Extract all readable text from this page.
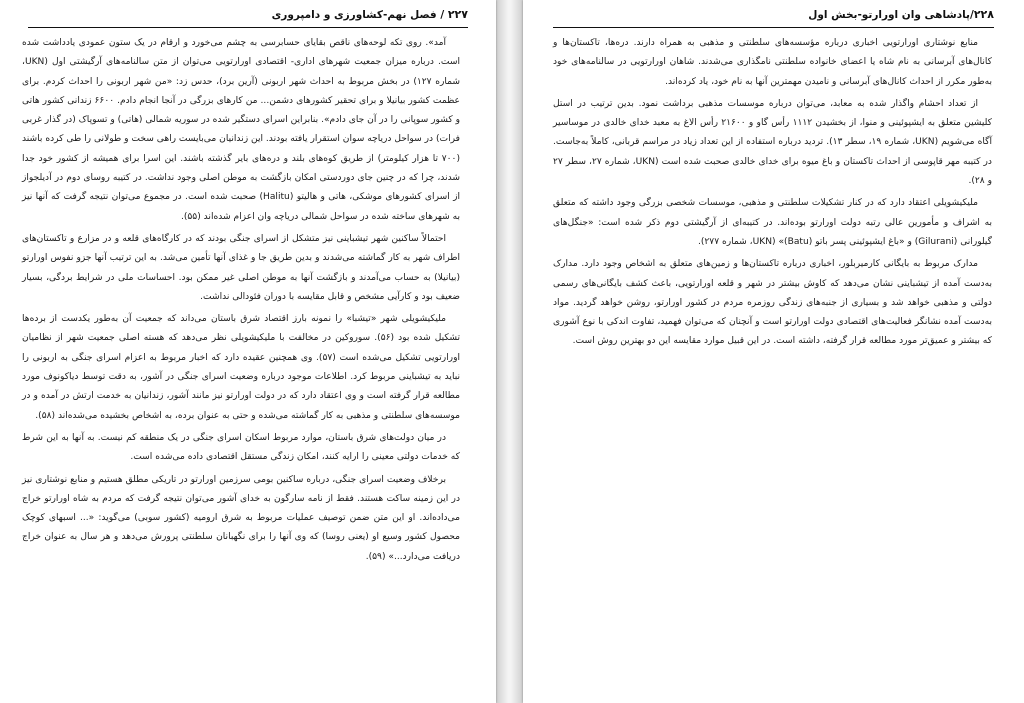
۲۲۷ / فصل نهم-کشاورزی و دامپروری

آمد». روی تکه لوحه‌های ناقص بقایای حسابرسی به چشم می‌خورد و ارقام در یک ستون عمودی یادداشت شده است. درباره میزان جمعیت شهرهای اداری- اقتصادی اورارتویی می‌توان از متن سالنامه‌های آرگیشتی اول (UKN، شماره ۱۲۷) در بخش مربوط به احداث شهر اربونی (آرین برد)، حدس زد: «من شهر اربونی را احداث کردم. برای عظمت کشور بیانیلا و برای تحقیر کشورهای دشمن... من کارهای بزرگی در آنجا انجام دادم. ۶۶۰۰ زندانی کشور هاتی و کشور سوپانی را در آن جای دادم». بنابراین اسرای دستگیر شده در سوریه شمالی (هاتی) و تسوپاک (در گذار غربی فرات) در سواحل دریاچه سوان استقرار یافته بودند. این زندانیان می‌بایست راهی سخت و طولانی را طی کرده باشند (۷۰۰ تا هزار کیلومتر) از طریق کوه‌های بلند و دره‌های بایر گذشته باشند. این اسرا برای همیشه از کشور خود جدا شدند، چرا که در چنین جای دوردستی امکان بازگشت به موطن اصلی وجود نداشت. در کتیبه روسای دوم در آدیلجواز از اسرای کشورهای موشکی، هاتی و هالیتو (Halitu) صحبت شده است. در مجموع می‌توان نتیجه گرفت که آنها نیز به شهرهای ساخته شده در سواحل شمالی دریاچه وان اعزام شده‌اند (۵۵).

احتمالاً ساکنین شهر تیشباینی نیز متشکل از اسرای جنگی بودند که در کارگاه‌های قلعه و در مزارع و تاکستان‌های اطراف شهر به کار گماشته می‌شدند و بدین طریق جا و غذای آنها تأمین می‌شد. به این ترتیب آنها جزو نفوس اورارتو (بیانیلا) به حساب می‌آمدند و بازگشت آنها به موطن اصلی غیر ممکن بود. احساسات ملی در شرایط بردگی، بسیار ضعیف بود و کارآیی مشخص و قابل مقایسه با دوران فئودالی نداشت.

ملیکیشویلی شهر «تیشبا» را نمونه بارز اقتصاد شرق باستان می‌داند که جمعیت آن به‌طور یکدست از برده‌ها تشکیل شده بود (۵۶). سوروکین در مخالفت با ملیکیشویلی نظر می‌دهد که هسته اصلی جمعیت شهر از نظامیان اورارتویی تشکیل می‌شده است (۵۷). وی همچنین عقیده دارد که اخبار مربوط به اعزام اسرای جنگی به اربونی را نباید به تیشباینی مربوط کرد. اطلاعات موجود درباره وضعیت اسرای جنگی در آشور، به دقت توسط دیاکونوف مورد مطالعه قرار گرفته است و وی اعتقاد دارد که در دولت اورارتو نیز مانند آشور، زندانیان به خدمت ارتش در آمده و در موسسه‌های سلطنتی و مذهبی به کار گماشته می‌شده و حتی به عنوان برده، به اشخاص بخشیده می‌شده‌اند (۵۸).

در میان دولت‌های شرق باستان، موارد مربوط اسکان اسرای جنگی در یک منطقه کم نیست. به آنها به این شرط که خدمات دولتی معینی را ارایه کنند، امکان زندگی مستقل اقتصادی داده می‌شده است.

برخلاف وضعیت اسرای جنگی، درباره ساکنین بومی سرزمین اورارتو در تاریکی مطلق هستیم و منابع نوشتاری نیز در این زمینه ساکت هستند. فقط از نامه سارگون به خدای آشور می‌توان نتیجه گرفت که مردم به شاه اورارتو خراج می‌داده‌اند. او این متن ضمن توصیف عملیات مربوط به شرق ارومیه (کشور سوبی) می‌گوید: «... اسبهای کوچک محصول کشور وسیع او (یعنی روسا) که وی آنها را برای نگهبانان سلطنتی پرورش می‌دهد و هر سال به عنوان خراج دریافت می‌دارد...» (۵۹).

۲۲۸/پادشاهی وان اورارتو-بخش اول

منابع نوشتاری اورارتویی اخباری درباره مؤسسه‌های سلطنتی و مذهبی به همراه دارند. دره‌ها، تاکستان‌ها و کانال‌های آبرسانی به نام شاه یا اعضای خانواده سلطنتی نامگذاری می‌شدند. شاهان اورارتویی در سالنامه‌های خود به‌طور مکرر از احداث کانال‌های آبرسانی و نامیدن مهمترین آنها به نام خود، یاد کرده‌اند.

از تعداد احشام واگذار شده به معابد، می‌توان درباره موسسات مذهبی برداشت نمود. بدین ترتیب در استل کلیشین متعلق به ایشپوئینی و منوا، از بخشیدن ۱۱۱۲ رأس گاو و ۲۱۶۰۰ رأس الاغ به معبد خدای خالدی در موساسیر آگاه می‌شویم (UKN، شماره ۱۹، سطر ۱۳). تردید درباره استفاده از این تعداد زیاد در مراسم قربانی، کاملاً به‌جاست. در کتیبه مهر قاپوسی از احداث تاکستان و باغ میوه برای خدای خالدی صحبت شده است (UKN، شماره ۲۷، سطر ۲۷ و ۲۸).

ملیکیشویلی اعتقاد دارد که در کنار تشکیلات سلطنتی و مذهبی، موسسات شخصی بزرگی وجود داشته که متعلق به اشراف و مأمورین عالی رتبه دولت اورارتو بوده‌اند. در کتیبه‌ای از آرگیشتی دوم ذکر شده است: «جنگل‌های گیلورانی (Gilurani) و «باغ ایشپوئینی پسر باتو (Batu)» (UKN، شماره ۲۷۷).

مدارک مربوط به بایگانی کارمیربلور، اخباری درباره تاکستان‌ها و زمین‌های متعلق به اشخاص وجود دارد. مدارک به‌دست آمده از تیشباینی نشان می‌دهد که کاوش بیشتر در شهر و قلعه اورارتویی، باعث کشف بایگانی‌های رسمی دولتی و مذهبی خواهد شد و بسیاری از جنبه‌های زندگی روزمره مردم در کشور اورارتو، روشن خواهد گردید. مواد به‌دست آمده نشانگر فعالیت‌های اقتصادی دولت اورارتو است و آنچنان که می‌توان فهمید، تفاوت اندکی با نوع آشوری که بیشتر و عمیق‌تر مورد مطالعه قرار گرفته، داشته است. در این قبیل موارد مقایسه این دو بهترین روش است.
